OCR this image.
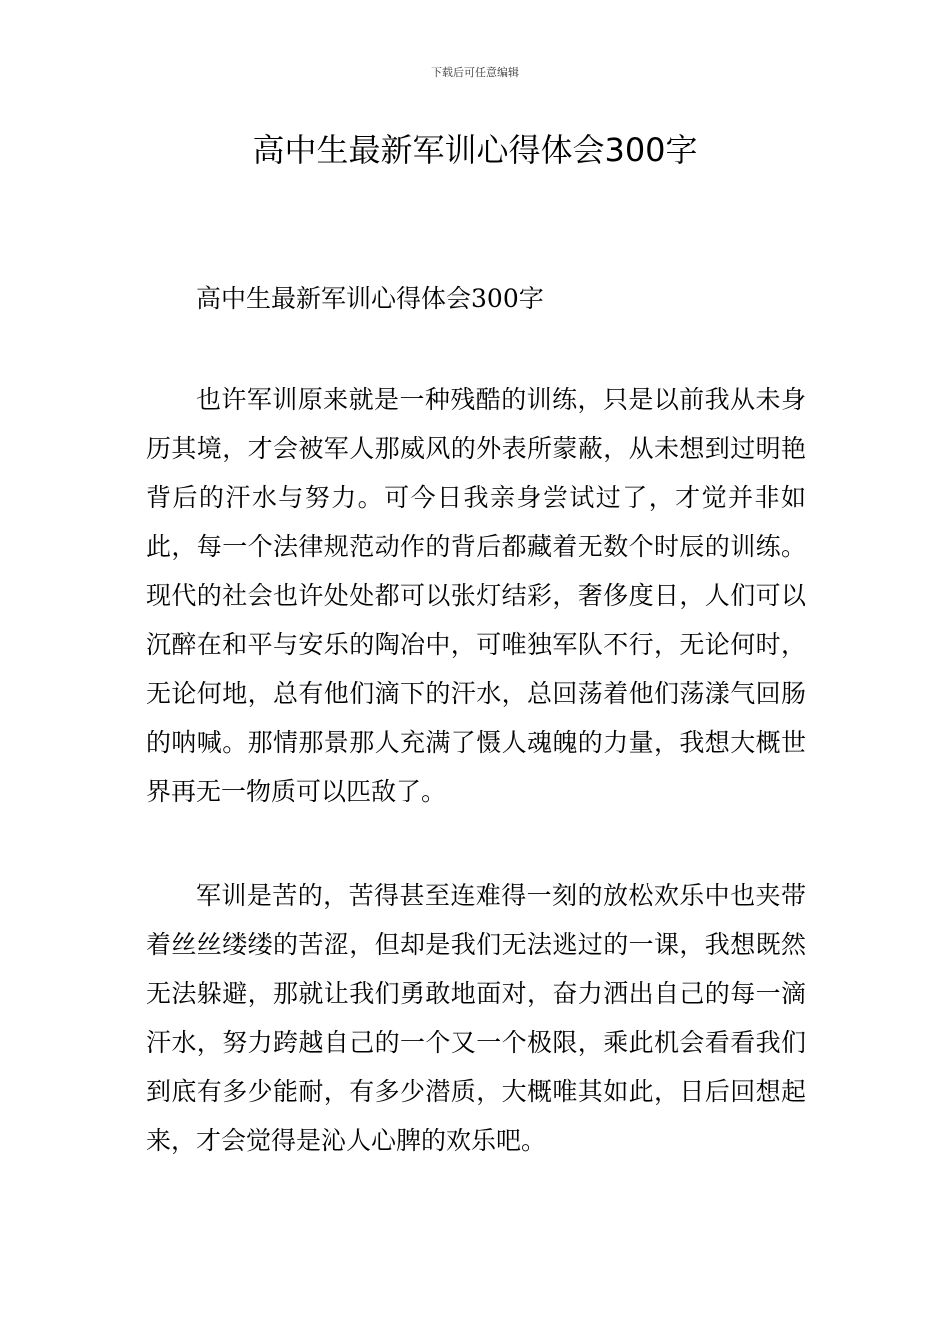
下载后可任意编辑
高中生最新军训心得体会300字

高中生最新军训心得体会300字

也许军训原来就是一种残酷的训练，只是以前我从未身历其境，才会被军人那威风的外表所蒙蔽，从未想到过明艳背后的汗水与努力。可今日我亲身尝试过了，才觉并非如此，每一个法律规范动作的背后都藏着无数个时辰的训练。现代的社会也许处处都可以张灯结彩，奢侈度日，人们可以沉醉在和平与安乐的陶冶中，可唯独军队不行，无论何时，无论何地，总有他们滴下的汗水，总回荡着他们荡漾气回肠的呐喊。那情那景那人充满了慑人魂魄的力量，我想大概世界再无一物质可以匹敌了。

军训是苦的，苦得甚至连难得一刻的放松欢乐中也夹带着丝丝缕缕的苦涩，但却是我们无法逃过的一课，我想既然无法躲避，那就让我们勇敢地面对，奋力洒出自己的每一滴汗水，努力跨越自己的一个又一个极限，乘此机会看看我们到底有多少能耐，有多少潜质，大概唯其如此，日后回想起来，才会觉得是沁人心脾的欢乐吧。
